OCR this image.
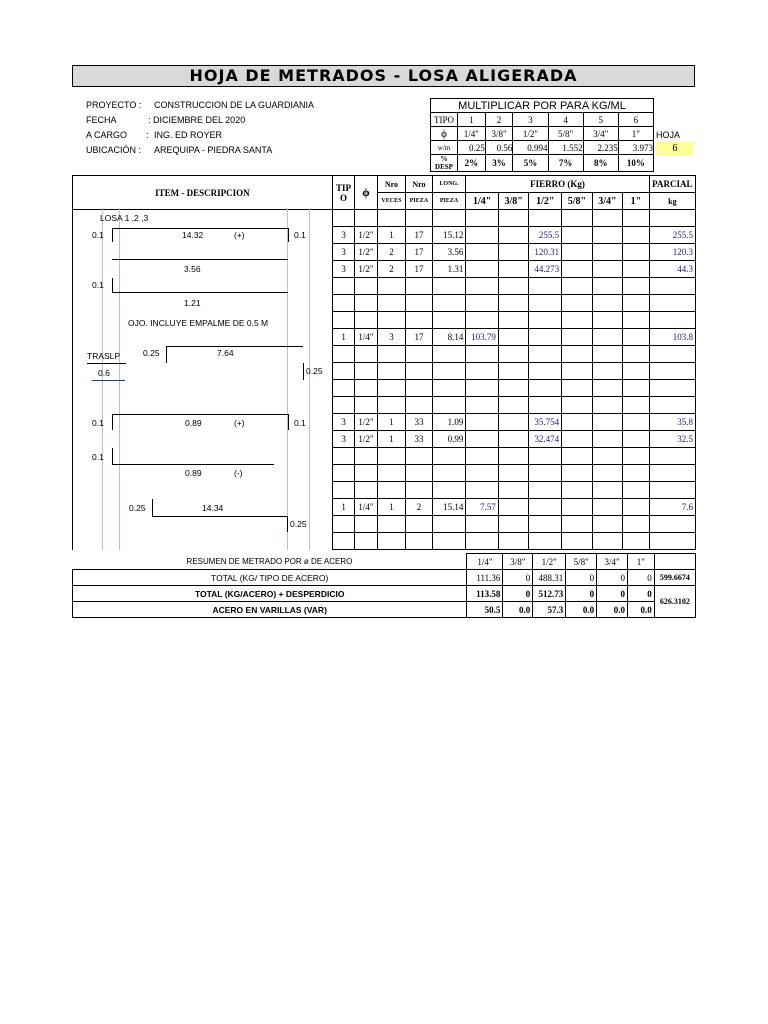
HOJA DE METRADOS - LOSA ALIGERADA
PROYECTO : CONSTRUCCION DE LA GUARDIANIA
FECHA	: DICIEMBRE DEL 2020
A CARGO : ING. ED ROYER
UBICACIÓN : AREQUIPA - PIEDRA SANTA
MULTIPLICAR POR PARA KG/ML						
TIPO	1	2	3	4	5	6
ϕ	1/4"	3/8"	1/2"	5/8"	3/4"	1"
w/m	0.25	0.56	0.994	1.552	2.235	3.973
% DESP	2%	3%	5%	7%	8%	10%
HOJA
6
ITEM - DESCRIPCION	TIP O	ϕ	Nro	Nro	LONG.	FIERRO (Kg)						PARCIAL
			VECES	PIEZA	PIEZA	1/4"	3/8"	1/2"	5/8"	3/4"	1"	kg

	3	1/2"	1	17	15.12			255.5				255.5
	3	1/2"	2	17	3.56			120.31				120.3
	3	1/2"	2	17	1.31			44.273				44.3

	1	1/4"	3	17	8.14	103.79						103.8

	3	1/2"	1	33	1.09			35.754				35.8
	3	1/2"	1	33	0.99			32.474				32.5

	1	1/4"	1	2	15.14	7.57						7.6

LOSA 1 ,2 ,3
0.1	14.32	(+)	0.1
3.56
0.1
1.21
OJO. INCLUYE EMPALME DE 0.5 M
TRASLP	0.25	7.64
0.6	0.25
0.1	0.89	(+)	0.1
0.1
0.89	(-)
0.25	14.34
0.25
RESUMEN DE METRADO POR ø DE ACERO	1/4"	3/8"	1/2"	5/8"	3/4"	1"	
TOTAL (KG/ TIPO DE ACERO)	111.36	0	488.31	0	0	0	599.6674
TOTAL (KG/ACERO) + DESPERDICIO	113.58	0	512.73	0	0	0	626.3102
ACERO EN VARILLAS (VAR)	50.5	0.0	57.3	0.0	0.0	0.0	
